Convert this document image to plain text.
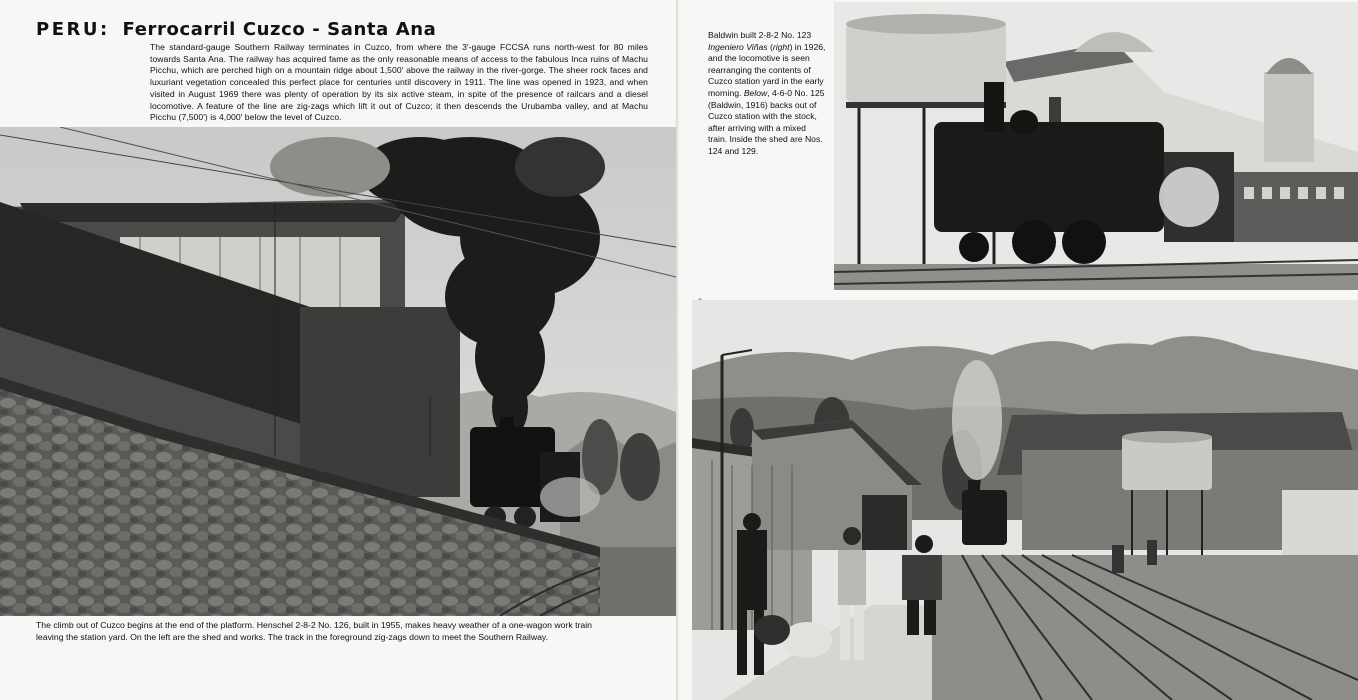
PERU: Ferrocarril Cuzco - Santa Ana

The standard-gauge Southern Railway terminates in Cuzco, from where the 3′-gauge FCCSA runs north-west for 80 miles towards Santa Ana. The railway has acquired fame as the only reasonable means of access to the fabulous Inca ruins of Machu Picchu, which are perched high on a mountain ridge about 1,500′ above the railway in the river-gorge. The sheer rock faces and luxuriant vegetation concealed this perfect place for centuries until discovery in 1911. The line was opened in 1923, and when visited in August 1969 there was plenty of operation by its six active steam, in spite of the presence of railcars and a diesel locomotive. A feature of the line are zig-zags which lift it out of Cuzco; it then descends the Urubamba valley, and at Machu Picchu (7,500′) is 4,000′ below the level of Cuzco.

The climb out of Cuzco begins at the end of the platform. Henschel 2-8-2 No. 126, built in 1955, makes heavy weather of a one-wagon work train leaving the station yard. On the left are the shed and works. The track in the foreground zig-zags down to meet the Southern Railway.

Baldwin built 2-8-2 No. 123 Ingeniero Viñas (right) in 1926, and the locomotive is seen rearranging the contents of Cuzco station yard in the early morning. Below, 4-6-0 No. 125 (Baldwin, 1916) backs out of Cuzco station with the stock, after arriving with a mixed train. Inside the shed are Nos. 124 and 129.
